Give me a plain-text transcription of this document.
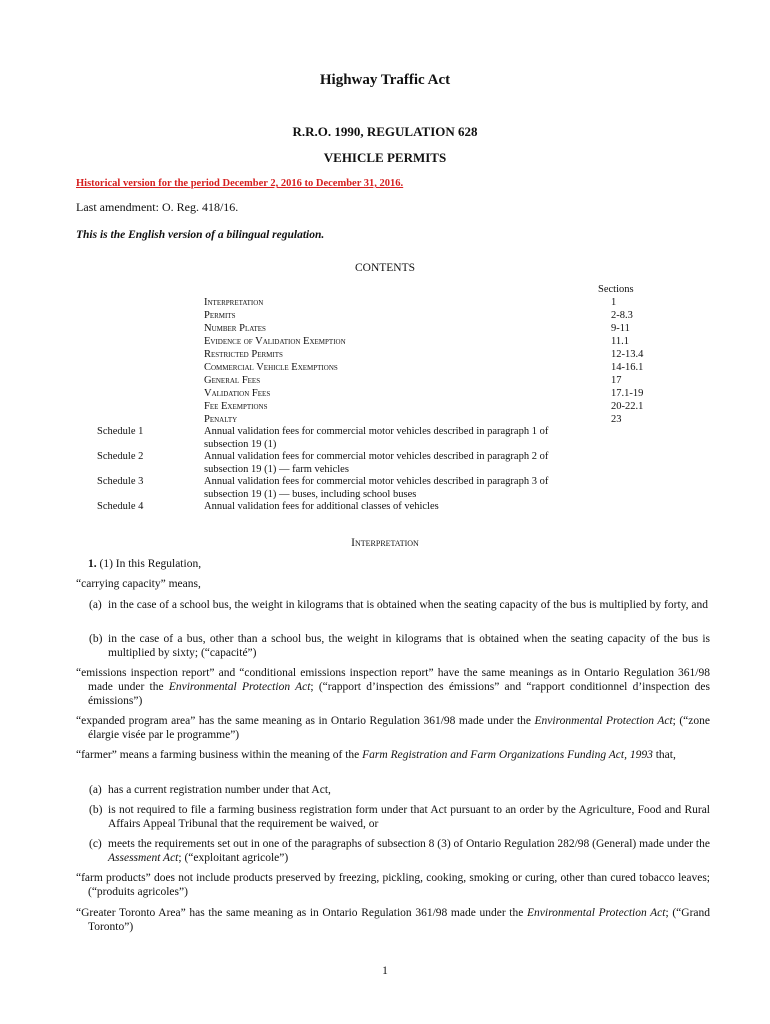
Highway Traffic Act
R.R.O. 1990, REGULATION 628
VEHICLE PERMITS
Historical version for the period December 2, 2016 to December 31, 2016.
Last amendment: O. Reg. 418/16.
This is the English version of a bilingual regulation.
CONTENTS
Sections
Interpretation	1
Permits	2-8.3
Number Plates	9-11
Evidence of Validation Exemption	11.1
Restricted Permits	12-13.4
Commercial Vehicle Exemptions	14-16.1
General Fees	17
Validation Fees	17.1-19
Fee Exemptions	20-22.1
Penalty	23
Schedule 1	Annual validation fees for commercial motor vehicles described in paragraph 1 of subsection 19 (1)
Schedule 2	Annual validation fees for commercial motor vehicles described in paragraph 2 of subsection 19 (1) — farm vehicles
Schedule 3	Annual validation fees for commercial motor vehicles described in paragraph 3 of subsection 19 (1) — buses, including school buses
Schedule 4	Annual validation fees for additional classes of vehicles
Interpretation
1. (1) In this Regulation,
“carrying capacity” means,
(a) in the case of a school bus, the weight in kilograms that is obtained when the seating capacity of the bus is multiplied by forty, and
(b) in the case of a bus, other than a school bus, the weight in kilograms that is obtained when the seating capacity of the bus is multiplied by sixty; (“capacité”)
“emissions inspection report” and “conditional emissions inspection report” have the same meanings as in Ontario Regulation 361/98 made under the Environmental Protection Act; (“rapport d’inspection des émissions” and “rapport conditionnel d’inspection des émissions”)
“expanded program area” has the same meaning as in Ontario Regulation 361/98 made under the Environmental Protection Act; (“zone élargie visée par le programme”)
“farmer” means a farming business within the meaning of the Farm Registration and Farm Organizations Funding Act, 1993 that,
(a) has a current registration number under that Act,
(b) is not required to file a farming business registration form under that Act pursuant to an order by the Agriculture, Food and Rural Affairs Appeal Tribunal that the requirement be waived, or
(c) meets the requirements set out in one of the paragraphs of subsection 8 (3) of Ontario Regulation 282/98 (General) made under the Assessment Act; (“exploitant agricole”)
“farm products” does not include products preserved by freezing, pickling, cooking, smoking or curing, other than cured tobacco leaves; (“produits agricoles”)
“Greater Toronto Area” has the same meaning as in Ontario Regulation 361/98 made under the Environmental Protection Act; (“Grand Toronto”)
1
